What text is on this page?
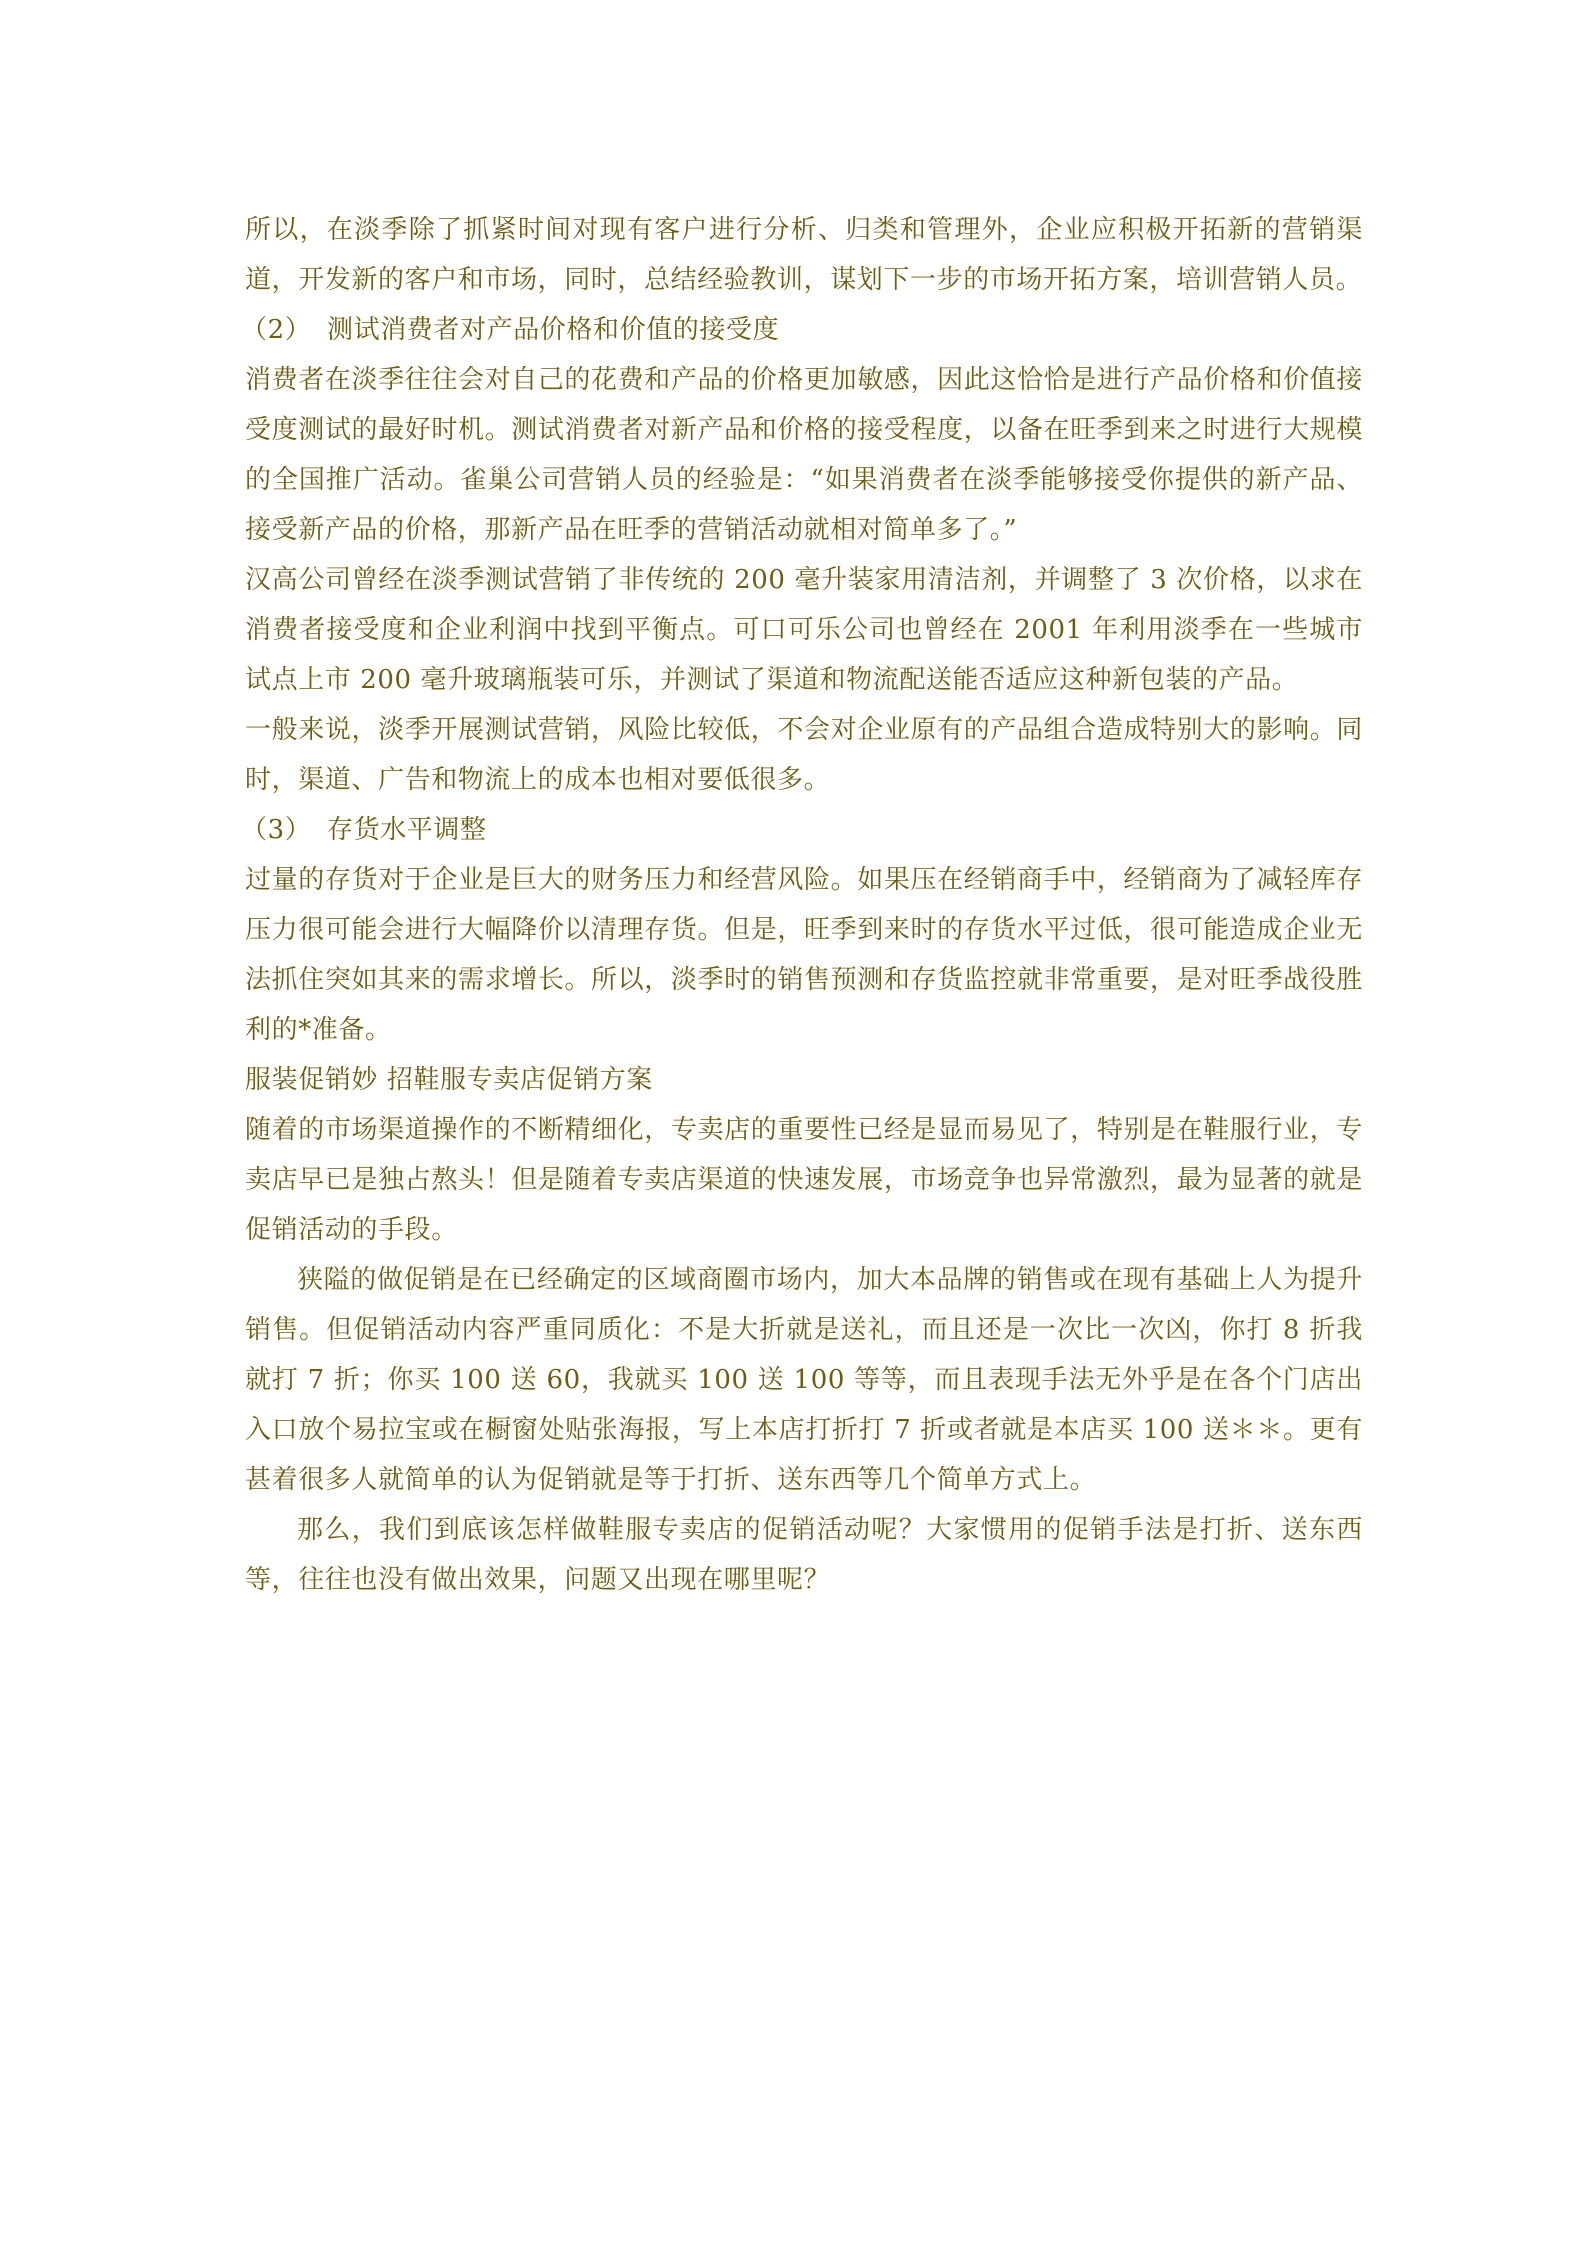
所以，在淡季除了抓紧时间对现有客户进行分析、归类和管理外，企业应积极开拓新的营销渠道，开发新的客户和市场，同时，总结经验教训，谋划下一步的市场开拓方案，培训营销人员。

（2） 测试消费者对产品价格和价值的接受度

消费者在淡季往往会对自己的花费和产品的价格更加敏感，因此这恰恰是进行产品价格和价值接受度测试的最好时机。测试消费者对新产品和价格的接受程度，以备在旺季到来之时进行大规模的全国推广活动。雀巢公司营销人员的经验是：“如果消费者在淡季能够接受你提供的新产品、接受新产品的价格，那新产品在旺季的营销活动就相对简单多了。”

汉高公司曾经在淡季测试营销了非传统的 200 毫升装家用清洁剂，并调整了 3 次价格，以求在消费者接受度和企业利润中找到平衡点。可口可乐公司也曾经在 2001 年利用淡季在一些城市试点上市 200 毫升玻璃瓶装可乐，并测试了渠道和物流配送能否适应这种新包装的产品。

一般来说，淡季开展测试营销，风险比较低，不会对企业原有的产品组合造成特别大的影响。同时，渠道、广告和物流上的成本也相对要低很多。

（3） 存货水平调整

过量的存货对于企业是巨大的财务压力和经营风险。如果压在经销商手中，经销商为了减轻库存压力很可能会进行大幅降价以清理存货。但是，旺季到来时的存货水平过低，很可能造成企业无法抓住突如其来的需求增长。所以，淡季时的销售预测和存货监控就非常重要，是对旺季战役胜利的*准备。

服装促销妙 招鞋服专卖店促销方案

随着的市场渠道操作的不断精细化，专卖店的重要性已经是显而易见了，特别是在鞋服行业，专卖店早已是独占熬头！但是随着专卖店渠道的快速发展，市场竞争也异常激烈，最为显著的就是促销活动的手段。

狭隘的做促销是在已经确定的区域商圈市场内，加大本品牌的销售或在现有基础上人为提升销售。但促销活动内容严重同质化：不是大折就是送礼，而且还是一次比一次凶，你打 8 折我就打 7 折；你买 100 送 60，我就买 100 送 100 等等，而且表现手法无外乎是在各个门店出入口放个易拉宝或在橱窗处贴张海报，写上本店打折打 7 折或者就是本店买 100 送＊＊。更有甚着很多人就简单的认为促销就是等于打折、送东西等几个简单方式上。

那么，我们到底该怎样做鞋服专卖店的促销活动呢？大家惯用的促销手法是打折、送东西等，往往也没有做出效果，问题又出现在哪里呢？
